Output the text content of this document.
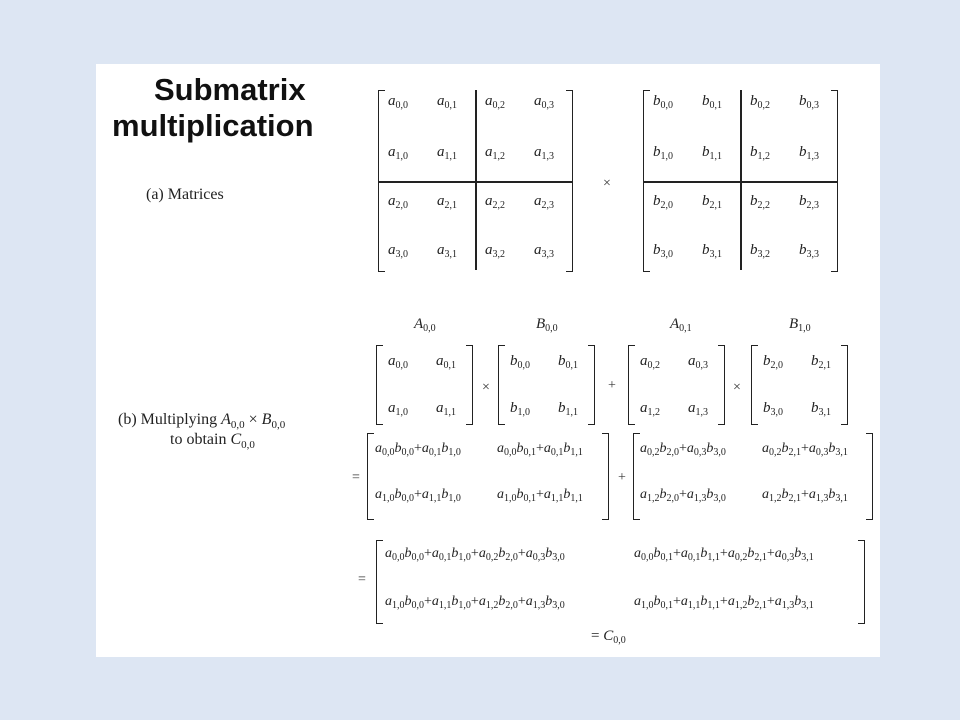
Submatrix
multiplication
(a) Matrices
(b) Multiplying $A_{0,0} \times B_{0,0}$
to obtain $C_{0,0}$
$a_{0,0}$ $a_{0,1}$ $a_{0,2}$ $a_{0,3}$
$a_{1,0}$ $a_{1,1}$ $a_{1,2}$ $a_{1,3}$
$a_{2,0}$ $a_{2,1}$ $a_{2,2}$ $a_{2,3}$
$a_{3,0}$ $a_{3,1}$ $a_{3,2}$ $a_{3,3}$
$b_{0,0}$ $b_{0,1}$ $b_{0,2}$ $b_{0,3}$
$b_{1,0}$ $b_{1,1}$ $b_{1,2}$ $b_{1,3}$
$b_{2,0}$ $b_{2,1}$ $b_{2,2}$ $b_{2,3}$
$b_{3,0}$ $b_{3,1}$ $b_{3,2}$ $b_{3,3}$
×
$A_{0,0}$	$B_{0,0}$	$A_{0,1}$	$B_{1,0}$
$a_{0,0}$ $a_{0,1}$
$a_{1,0}$ $a_{1,1}$
$b_{0,0}$ $b_{0,1}$
$b_{1,0}$ $b_{1,1}$
$a_{0,2}$ $a_{0,3}$
$a_{1,2}$ $a_{1,3}$
$b_{2,0}$ $b_{2,1}$
$b_{3,0}$ $b_{3,1}$
×	+	×
=	+
$a_{0,0}b_{0,0}+a_{0,1}b_{1,0}$	$a_{0,0}b_{0,1}+a_{0,1}b_{1,1}$
$a_{1,0}b_{0,0}+a_{1,1}b_{1,0}$	$a_{1,0}b_{0,1}+a_{1,1}b_{1,1}$
$a_{0,2}b_{2,0}+a_{0,3}b_{3,0}$	$a_{0,2}b_{2,1}+a_{0,3}b_{3,1}$
$a_{1,2}b_{2,0}+a_{1,3}b_{3,0}$	$a_{1,2}b_{2,1}+a_{1,3}b_{3,1}$
=
$a_{0,0}b_{0,0}+a_{0,1}b_{1,0}+a_{0,2}b_{2,0}+a_{0,3}b_{3,0}$	$a_{0,0}b_{0,1}+a_{0,1}b_{1,1}+a_{0,2}b_{2,1}+a_{0,3}b_{3,1}$
$a_{1,0}b_{0,0}+a_{1,1}b_{1,0}+a_{1,2}b_{2,0}+a_{1,3}b_{3,0}$	$a_{1,0}b_{0,1}+a_{1,1}b_{1,1}+a_{1,2}b_{2,1}+a_{1,3}b_{3,1}$
= $C_{0,0}$
